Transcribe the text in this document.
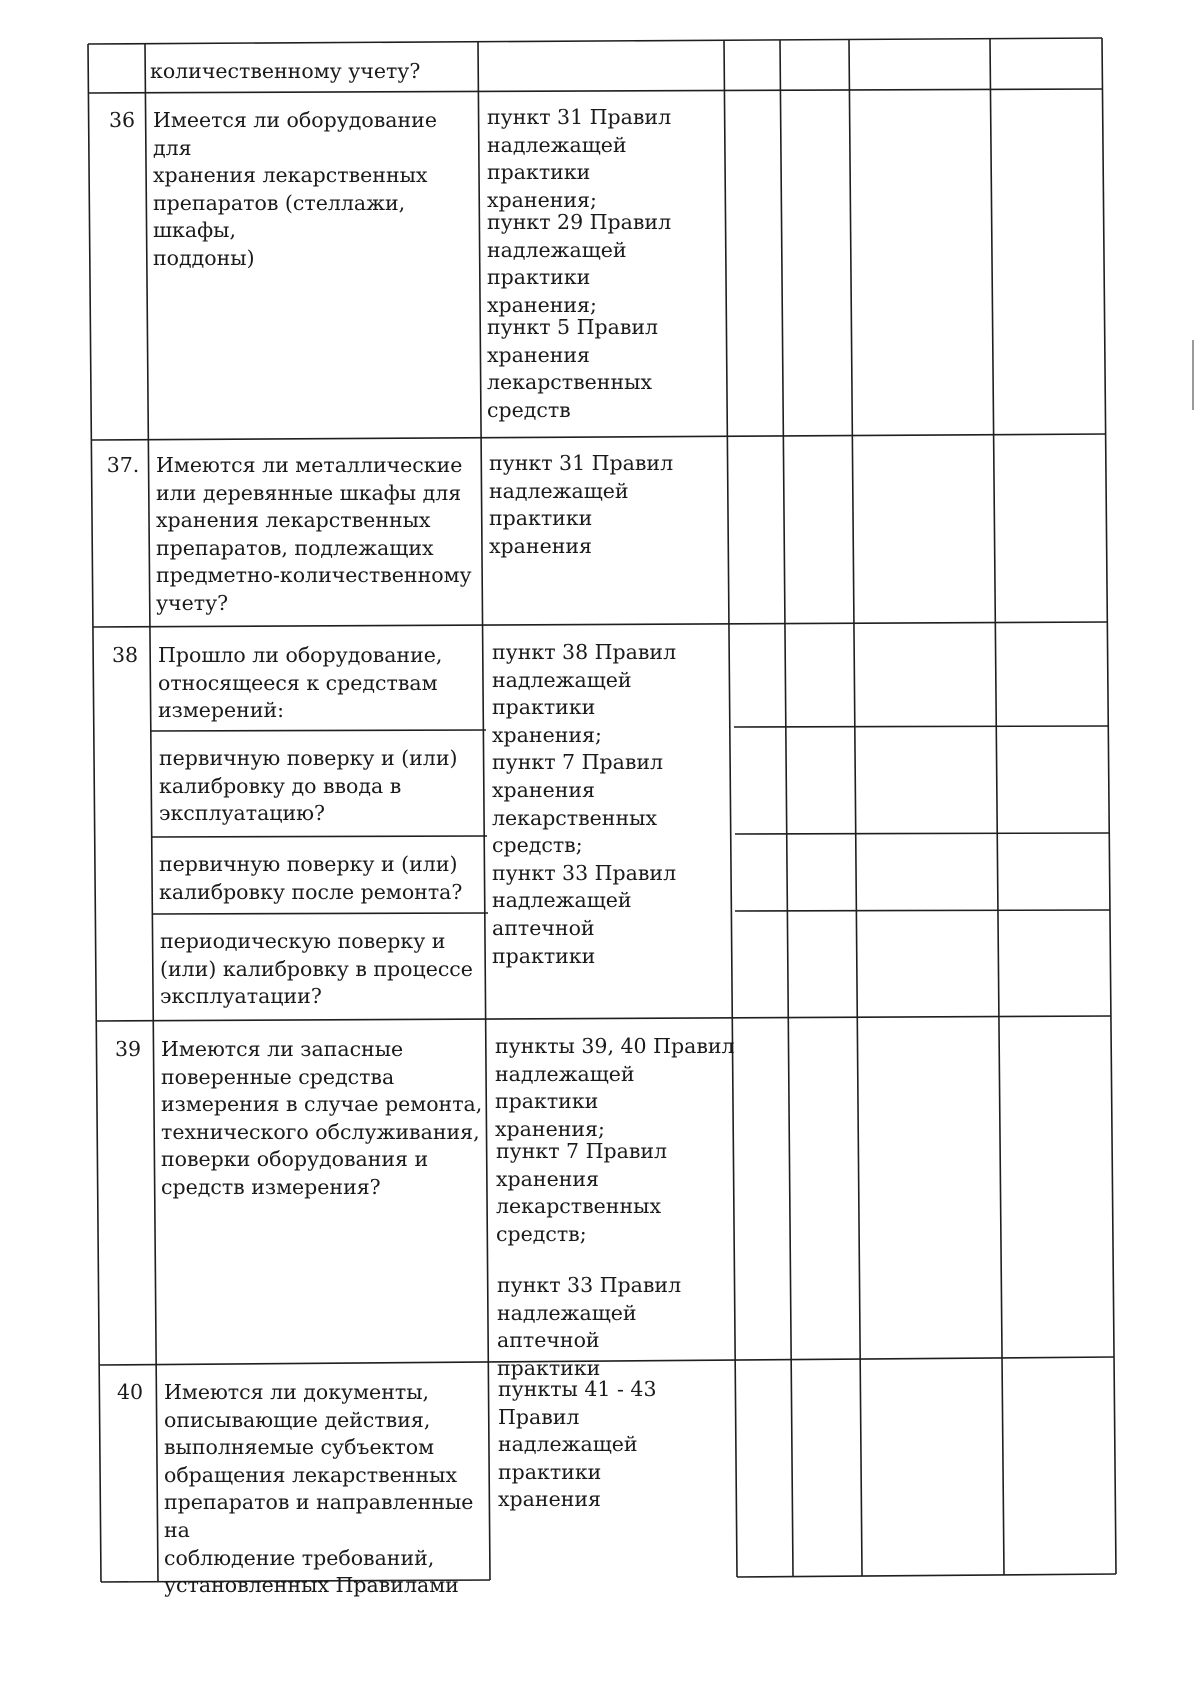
количественному учету?
36 Имеется ли оборудование для
хранения лекарственных
препаратов (стеллажи, шкафы,
поддоны)
пункт 31 Правил
надлежащей практики
хранения;
пункт 29 Правил
надлежащей практики
хранения;
пункт 5 Правил
хранения
лекарственных
средств
37. Имеются ли металлические
или деревянные шкафы для
хранения лекарственных
препаратов, подлежащих
предметно-количественному
учету?
пункт 31 Правил
надлежащей практики
хранения
38 Прошло ли оборудование,
относящееся к средствам
измерений:
первичную поверку и (или)
калибровку до ввода в
эксплуатацию?
первичную поверку и (или)
калибровку после ремонта?
периодическую поверку и
(или) калибровку в процессе
эксплуатации?
пункт 38 Правил
надлежащей практики
хранения;
пункт 7 Правил
хранения
лекарственных
средств;
пункт 33 Правил
надлежащей аптечной
практики
39 Имеются ли запасные
поверенные средства
измерения в случае ремонта,
технического обслуживания,
поверки оборудования и
средств измерения?
пункты 39, 40 Правил
надлежащей практики
хранения;
пункт 7 Правил
хранения
лекарственных
средств;
пункт 33 Правил
надлежащей аптечной
практики
40	Имеются ли документы,
описывающие действия,
выполняемые субъектом
обращения лекарственных
препаратов и направленные на
соблюдение требований,
установленных Правилами
пункты 41 - 43 Правил
надлежащей практики
хранения
